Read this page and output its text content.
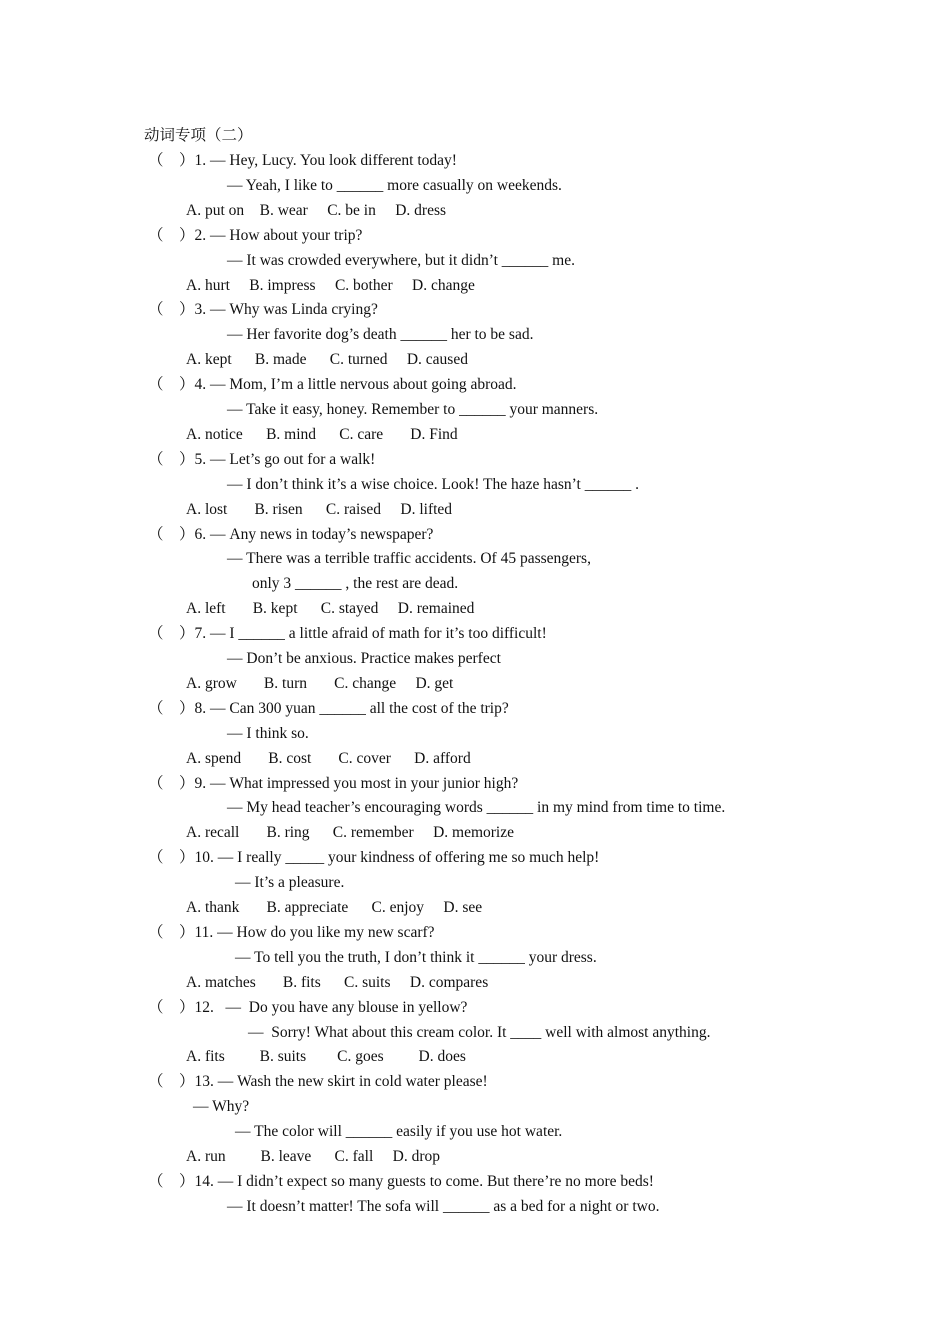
动词专项（二）
（    ）1. — Hey, Lucy. You look different today!
— Yeah, I like to ______ more casually on weekends.
A. put on    B. wear     C. be in     D. dress
（    ）2. — How about your trip?
— It was crowded everywhere, but it didn’t ______ me.
A. hurt     B. impress     C. bother     D. change
（    ）3. — Why was Linda crying?
— Her favorite dog’s death ______ her to be sad.
A. kept      B. made      C. turned     D. caused
（    ）4. — Mom, I’m a little nervous about going abroad.
— Take it easy, honey. Remember to ______ your manners.
A. notice      B. mind      C. care       D. Find
（    ）5. — Let’s go out for a walk!
— I don’t think it’s a wise choice. Look! The haze hasn’t ______ .
A. lost       B. risen      C. raised     D. lifted
（    ）6. — Any news in today’s newspaper?
— There was a terrible traffic accidents. Of 45 passengers,
only 3 ______ , the rest are dead.
A. left       B. kept      C. stayed     D. remained
（    ）7. — I ______ a little afraid of math for it’s too difficult!
— Don’t be anxious. Practice makes perfect
A. grow       B. turn       C. change     D. get
（    ）8. — Can 300 yuan ______ all the cost of the trip?
— I think so.
A. spend       B. cost       C. cover      D. afford
（    ）9. — What impressed you most in your junior high?
— My head teacher’s encouraging words ______ in my mind from time to time.
A. recall       B. ring      C. remember     D. memorize
（    ）10. — I really _____ your kindness of offering me so much help!
— It’s a pleasure.
A. thank       B. appreciate      C. enjoy     D. see
（    ）11. — How do you like my new scarf?
— To tell you the truth, I don’t think it ______ your dress.
A. matches       B. fits      C. suits     D. compares
（    ）12.   —  Do you have any blouse in yellow?
—  Sorry! What about this cream color. It ____ well with almost anything.
A. fits         B. suits        C. goes         D. does
（    ）13. — Wash the new skirt in cold water please!
— Why?
— The color will ______ easily if you use hot water.
A. run         B. leave      C. fall     D. drop
（    ）14. — I didn’t expect so many guests to come. But there’re no more beds!
— It doesn’t matter! The sofa will ______ as a bed for a night or two.
